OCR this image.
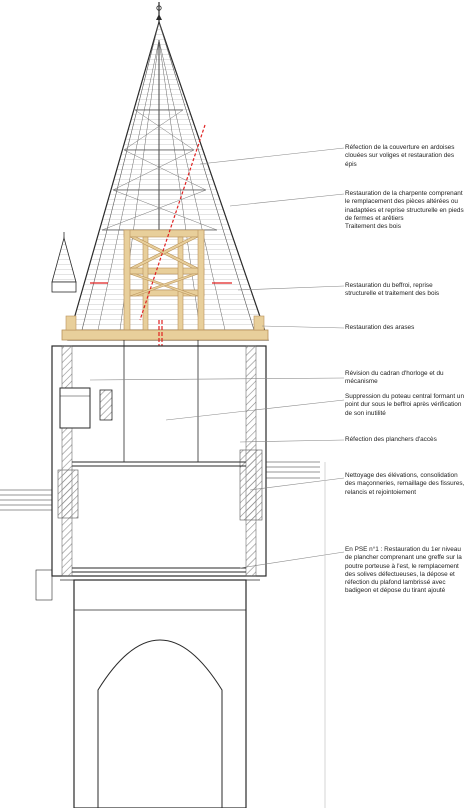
Réfection de la couverture en ardoises clouées sur voliges et restauration des épis
Restauration de la charpente comprenant le remplacement des pièces altérées ou inadaptées et reprise structurelle en pieds de fermes et arêtiers
Traitement des bois
Restauration du beffroi, reprise structurelle et traitement des bois
Restauration des arases
Révision du cadran d'horloge et du mécanisme
Suppression du poteau central formant un point dur sous le beffroi après vérification de son inutilité
Réfection des planchers d'accès
Nettoyage des élévations, consolidation des maçonneries, remaillage des fissures, relancis et rejointoiement
En PSE n°1 : Restauration du 1er niveau de plancher comprenant une greffe sur la poutre porteuse à l'est, le remplacement des solives défectueuses, la dépose et réfection du plafond lambrissé avec badigeon et dépose du tirant ajouté
